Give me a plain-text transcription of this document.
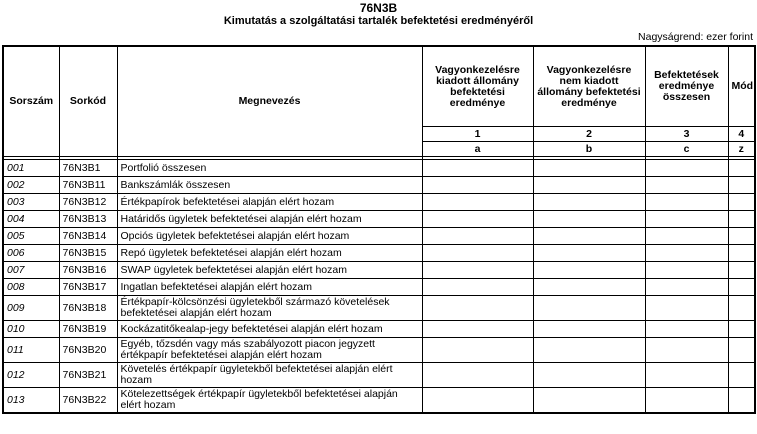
76N3B
Kimutatás a szolgáltatási tartalék befektetési eredményéről
Nagyságrend: ezer forint
Sorszám	Sorkód	Megnevezés	Vagyonkezelésre kiadott állomány befektetési eredménye	Vagyonkezelésre nem kiadott állomány befektetési eredménye	Befektetések eredménye összesen	Mód
			1	2	3	4
			a	b	c	z

001	76N3B1	Portfolió összesen				
002	76N3B11	Bankszámlák összesen				
003	76N3B12	Értékpapírok befektetései alapján elért hozam				
004	76N3B13	Határidős ügyletek befektetései alapján elért hozam				
005	76N3B14	Opciós ügyletek befektetései alapján elért hozam				
006	76N3B15	Repó ügyletek befektetései alapján elért hozam				
007	76N3B16	SWAP ügyletek befektetései alapján elért hozam				
008	76N3B17	Ingatlan befektetései alapján elért hozam				
009	76N3B18	Értékpapír-kölcsönzési ügyletekből származó követelések befektetései alapján elért hozam				
010	76N3B19	Kockázatitőkealap-jegy befektetései alapján elért hozam				
011	76N3B20	Egyéb, tőzsdén vagy más szabályozott piacon jegyzett értékpapír befektetései alapján elért hozam				
012	76N3B21	Követelés értékpapír ügyletekből befektetései alapján elért hozam				
013	76N3B22	Kötelezettségek értékpapír ügyletekből befektetései alapján elért hozam				
